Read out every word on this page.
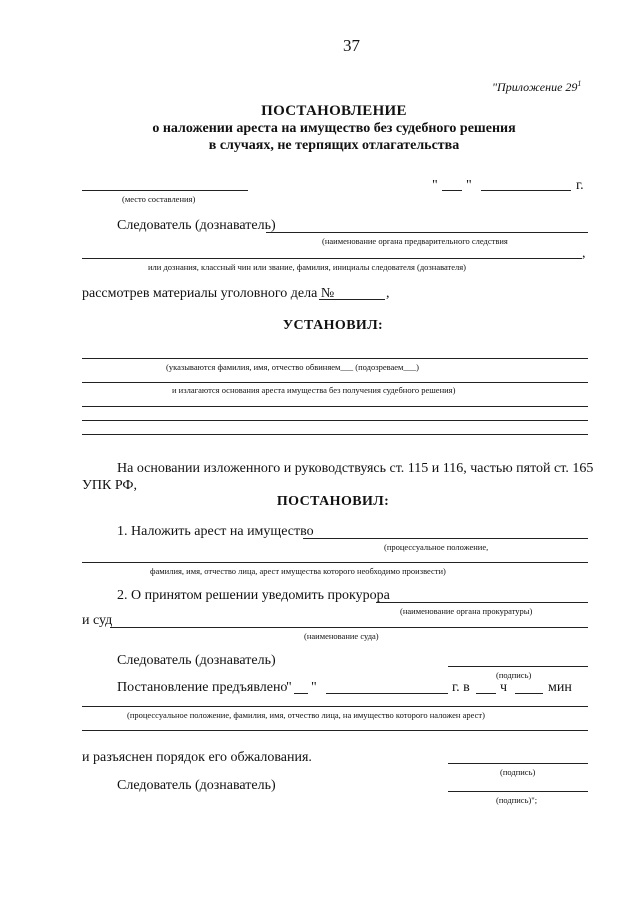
37
"Приложение $29^1$
ПОСТАНОВЛЕНИЕ
о наложении ареста на имущество без судебного решения
в случаях, не терпящих отлагательства
(место составления)
" "	г.
Следователь (дознаватель)
(наименование органа предварительного следствия
,
или дознания, классный чин или звание, фамилия, инициалы следователя (дознавателя)
рассмотрев материалы уголовного дела №	,
УСТАНОВИЛ:
(указываются фамилия, имя, отчество обвиняем___ (подозреваем___)
и излагаются основания ареста имущества без получения судебного решения)
На основании изложенного и руководствуясь ст. 115 и 116, частью пятой ст. 165
УПК РФ,
ПОСТАНОВИЛ:
1. Наложить арест на имущество
(процессуальное положение,
фамилия, имя, отчество лица, арест имущества которого необходимо произвести)
2. О принятом решении уведомить прокурора
(наименование органа прокуратуры)
и суд
(наименование суда)
Следователь (дознаватель)
(подпись)
Постановление предъявлено
" "	г. в ч	мин
(процессуальное положение, фамилия, имя, отчество лица, на имущество которого наложен арест)
и разъяснен порядок его обжалования.
(подпись)
Следователь (дознаватель)
(подпись)";
